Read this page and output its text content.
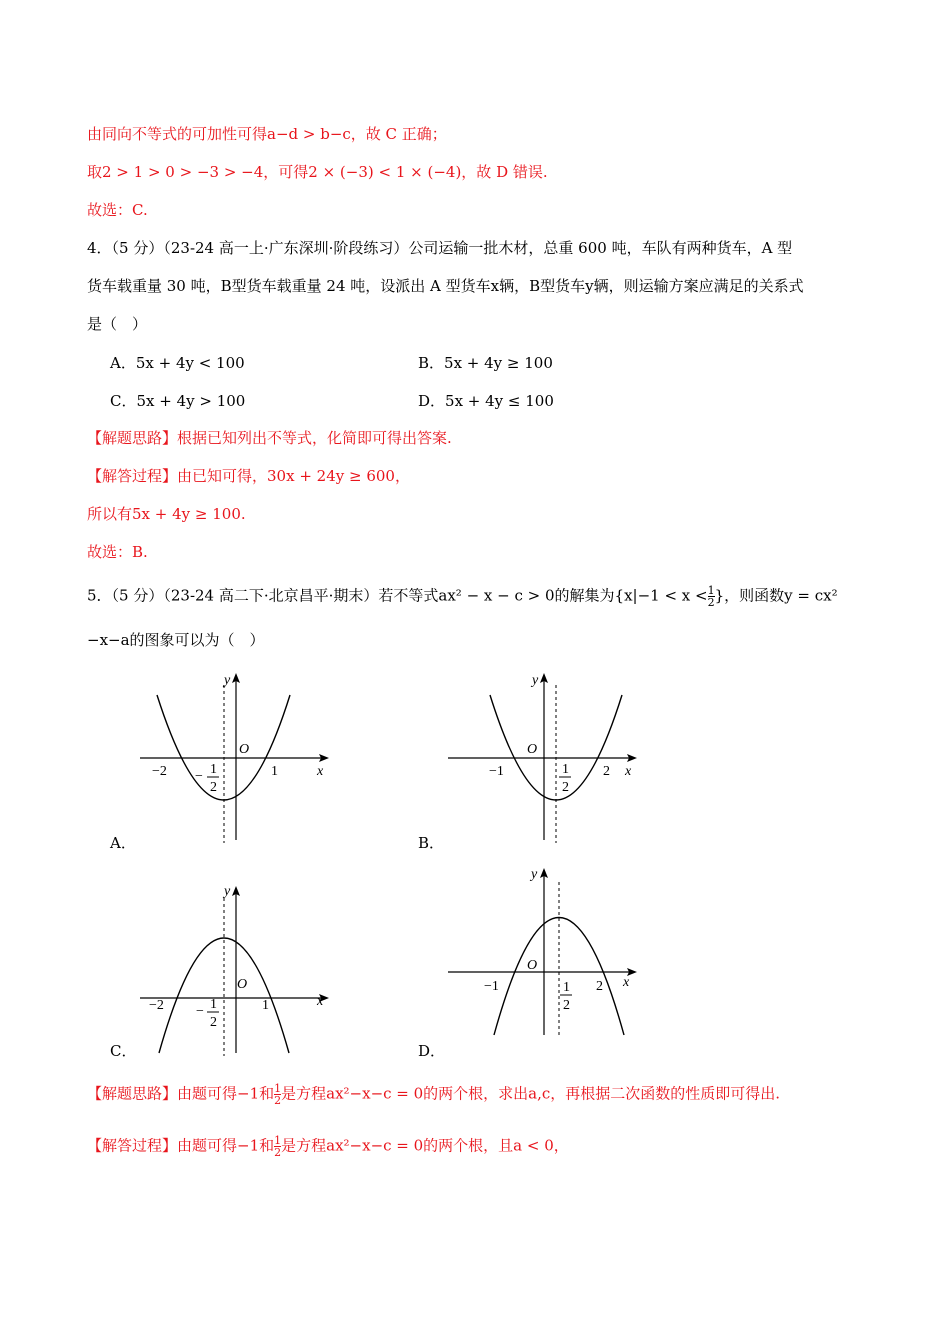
由同向不等式的可加性可得a−d > b−c，故 C 正确；
取2 > 1 > 0 > −3 > −4，可得2 × (−3) < 1 × (−4)，故 D 错误.
故选：C.
4．（5 分）（23-24 高一上·广东深圳·阶段练习）公司运输一批木材，总重 600 吨，车队有两种货车，A 型
货车载重量 30 吨，B型货车载重量 24 吨，设派出 A 型货车x辆，B型货车y辆，则运输方案应满足的关系式
是（　）
A．5x + 4y < 100	B．5x + 4y ≥ 100
C．5x + 4y > 100	D．5x + 4y ≤ 100
【解题思路】根据已知列出不等式，化简即可得出答案.
【解答过程】由已知可得，30x + 24y ≥ 600，
所以有5x + 4y ≥ 100.
故选：B.
5．（5 分）（23-24 高二下·北京昌平·期末）若不等式ax² − x − c > 0的解集为{$x|-1 < x < \frac{1}{2}$ }，则函数y = cx²
−x−a的图象可以为（　）
y
x
O
−2	1
− 1
2
A．
y
x
O
−1	2
1
2
B．
y
x
O
−2	1
− 1
2
C．
y
x
O
−1	2
1
2
D．
【解题思路】由题可得−1和 $\frac{1}{2}$ 是方程ax²−x−c = 0的两个根，求出a,c，再根据二次函数的性质即可得出.
【解答过程】由题可得−1和 $\frac{1}{2}$ 是方程ax²−x−c = 0的两个根，且a < 0，
